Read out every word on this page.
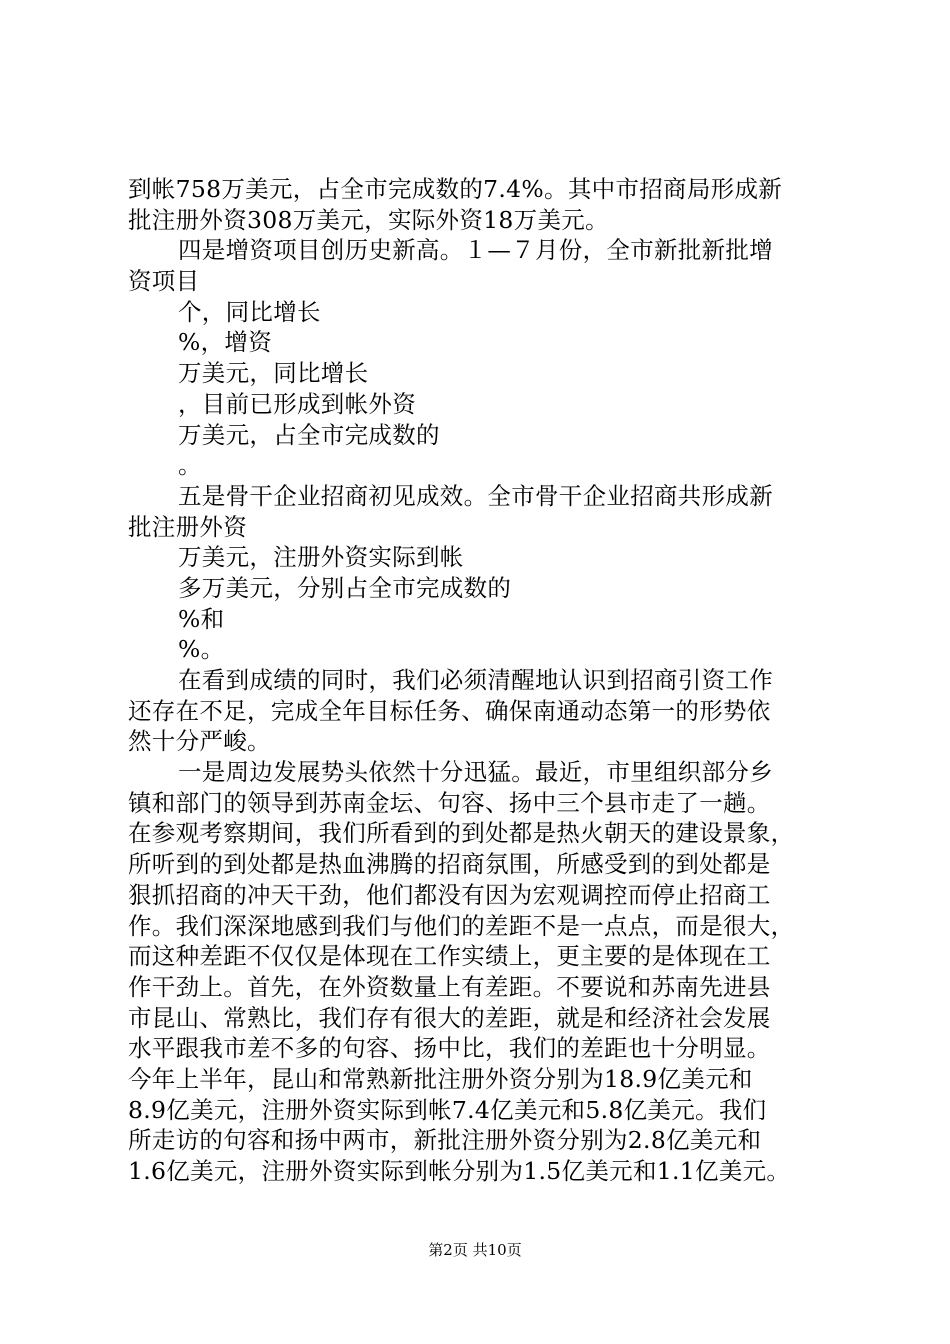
到帐758万美元，占全市完成数的7.4%。其中市招商局形成新
批注册外资308万美元，实际外资18万美元。
四是增资项目创历史新高。１—７月份，全市新批新批增
资项目
个，同比增长
%，增资
万美元，同比增长
，目前已形成到帐外资
万美元，占全市完成数的
。
五是骨干企业招商初见成效。全市骨干企业招商共形成新
批注册外资
万美元，注册外资实际到帐
多万美元，分别占全市完成数的
%和
%。
在看到成绩的同时，我们必须清醒地认识到招商引资工作
还存在不足，完成全年目标任务、确保南通动态第一的形势依
然十分严峻。
一是周边发展势头依然十分迅猛。最近，市里组织部分乡
镇和部门的领导到苏南金坛、句容、扬中三个县市走了一趟。
在参观考察期间，我们所看到的到处都是热火朝天的建设景象，
所听到的到处都是热血沸腾的招商氛围，所感受到的到处都是
狠抓招商的冲天干劲，他们都没有因为宏观调控而停止招商工
作。我们深深地感到我们与他们的差距不是一点点，而是很大，
而这种差距不仅仅是体现在工作实绩上，更主要的是体现在工
作干劲上。首先，在外资数量上有差距。不要说和苏南先进县
市昆山、常熟比，我们存有很大的差距，就是和经济社会发展
水平跟我市差不多的句容、扬中比，我们的差距也十分明显。
今年上半年，昆山和常熟新批注册外资分别为18.9亿美元和
8.9亿美元，注册外资实际到帐7.4亿美元和5.8亿美元。我们
所走访的句容和扬中两市，新批注册外资分别为2.8亿美元和
1.6亿美元，注册外资实际到帐分别为1.5亿美元和1.1亿美元。
第2页 共10页
